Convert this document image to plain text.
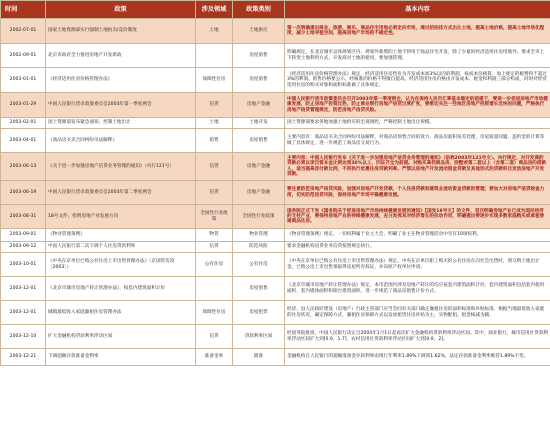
时间	政策	涉及领域	政策类别	基本内容
2002-07-01	国家土地资源部实行强制土地拍卖/竞价制度	土地	土地供应	第一次明确提出商业、旅游、娱乐、商品住宅用地必须走向市场，通过招拍挂方式出让土地，提高土地价格，提高土地市场化程度，减少土地寻租空间，提高房地产市场的不确定性。
2002-09-01	北京市政府全力推进房地产开发新政		房屋销售	明确规定，在北京城市总体规划区内，规划外新增的土地不得用于商品住宅开发，除了少量的经济适用住房用地外。要求全市上下转变土地利用方式，开发商对土地的使用，要加强管理。
2003-01-01	《经济适用住房价格管理办法》	保障性住房	房屋销售	《经济适用住房价格管理办法》规定，经济适用住房售价为开发成本加3%以内的利润，按成本价核算，加上规定的税费和不超过3%的利润。销售价格要公示，经核准的价格不得擅自提高。经济适用住房价格由开发成本、税金和利润三部分构成，同时对经济适用住房的购买对象和面积标准做了具体规定。
2003-01-29	中国人民银行货币政策委员会2003年第一季度例会	信贷	房地产金融	中国人民银行货币政策委员会召开2003年第一季度例会，认为在保持人民币汇率基本稳定的前提下，要进一步促进房地产市场健康发展，防止房地产投资过热，防止商业银行房地产信贷过度扩张，要密切关注一些地区房地产投资增长过快的问题，严格执行房地产信贷管理规定，防范房地产信贷风险。
2003-02-01	国土资源部发布紧急通知，控制土地出让	土地	土地开发	国土资源部要求各地加强土地供应的宏观调控，严格控制土地出让规模。
2003-04-01	《商品房买卖合同纠纷司法解释》	销售	房屋销售	主要内容有：商品房买卖合同纠纷司法解释，对商品房预售合同的效力、商品房面积误差处理，房屋质量问题，违约金的计算等做了具体规定，进一步规范了商品房交易行为。
2003-06-13	《关于进一步加强房地产信贷业务管理的通知》（央行121号）	信贷	房地产金融	主要内容：中国人民银行发布《关于进一步加强房地产信贷业务管理的通知》（俗称2003年121号文）。央行规定，对开发商的贷款必须以项目资本金比例达到30%以上、四证齐全为前提。对购买高档商品房、别墅或第二套以上（含第二套）商品房的借款人，适当提高首付款比例，不再执行优惠住房贷款利率。严禁以房地产开发流动资金贷款及其他形式的贷款科目发放房地产开发贷款。
2003-06-19	中国人民银行货币政策委员会2003年第二季度例会	信贷	房地产金融	要注意防范房地产信贷风险，加强对房地产开发贷款、个人住房贷款和建筑业流动资金贷款的管理；要加大对房地产信贷检查力度，切实防范信贷风险，保持房地产市场平稳健康发展。
2003-08-31	18号文件，指明房地产业发展方向	全国性行业政策	全国性行业政策	国务院正式下发《国务院关于促进房地产市场持续健康发展的通知》【国发18号文】的文件，首次明确房地产业已成为国民经济的支柱产业，要保持房地产业的持续健康发展，充分发挥其对经济增长的拉动作用，明确提出要逐步实现多数家庭购买或承租普通商品住房。
2003-09-01	《物业管理条例》	物管	物业管理	《物业管理条例》规定，一切权利属于业主大会，明确了业主在物业管理活动中享有10项权利。
2003-09-12	中国人民银行第二次下调个人住房贷款利率	信贷	防范风险	要求金融机构房贷业务信贷按照规定执行。
2003-10-01	《中央在京单位已购公有住房上市出售管理办法》（京国管房改〔2003〕）	公有住房	公有住房	《中央在京单位已购公有住房上市出售管理办法》规定，中央在京单位职工购买的公有住房在向社会出售时，须交纳土地出让金，已购公房上市出售须取得房屋所有权证，并向原产权单位申请。
2003-12-01	《北京市城市房地产转让管理办法》，按套内建筑面积计价		房屋销售	《北京市城市房地产转让管理办法》规定，本市范围内涉及房地产转让的均应按套内建筑面积计价，套内建筑面积包括套内使用面积、套内墙体面积和阳台建筑面积，进一步规范了商品房销售计价方式。
2003-12-01	城镇最低收入家庭廉租住房管理办法	保障性住房	房屋租赁	经济、县人民政府建设（房地产）行政主管部门应当会同有关部门确定廉租住房的面积标准和补贴标准，根据当地最低收入家庭的住房状况，确定保障方式，廉租住房保障方式以发放租赁住房补贴为主，实物配租、租金核减为辅。
2003-12-10	扩大金融机构贷款利率浮动区间	信贷	贷款利率区间	经国务院批准，中国人民银行决定自2004年1月1日起再次扩大金融机构贷款利率浮动区间。其中，商业银行、城市信用社贷款利率浮动区间扩大到[0.9，1.7]，农村信用社贷款利率浮动区间扩大到[0.9，2]。
2003-12-21	下调超额存款准备金利率	准备金率	降准	金融机构在人民银行的超额准备金存款利率由现行年利率1.89%下调到1.62%，法定存款准备金利率维持1.89%不变。
